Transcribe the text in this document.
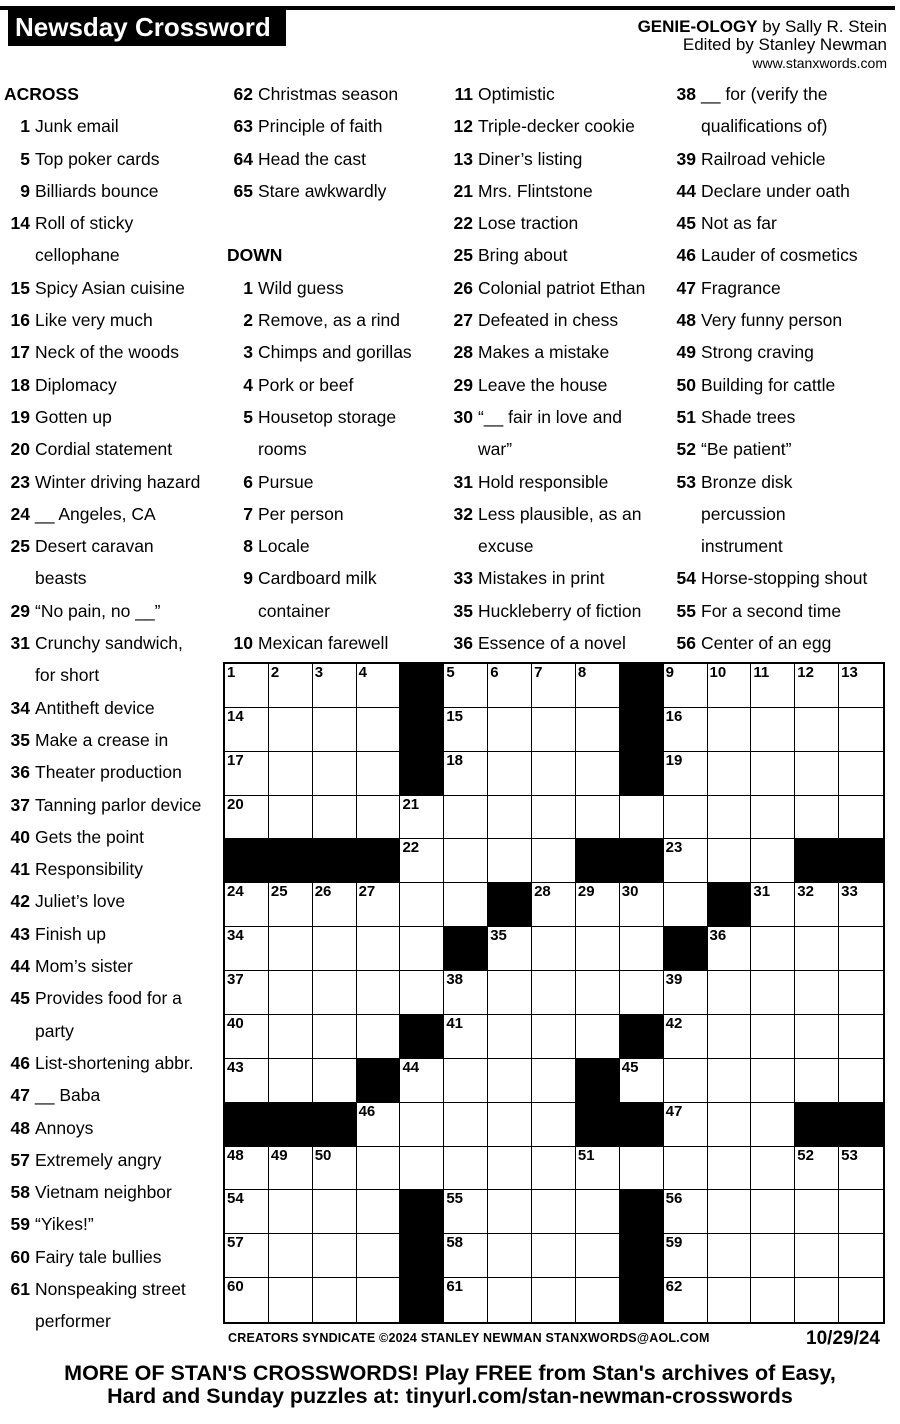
Newsday Crossword	GENIE-OLOGY by Sally R. Stein
Edited by Stanley Newman
www.stanxwords.com
ACROSS
1 Junk email
5 Top poker cards
9 Billiards bounce
14 Roll of sticky
cellophane
15 Spicy Asian cuisine
16 Like very much
17 Neck of the woods
18 Diplomacy
19 Gotten up
20 Cordial statement
23 Winter driving hazard
24 __ Angeles, CA
25 Desert caravan
beasts
29 “No pain, no __”
31 Crunchy sandwich,
for short
34 Antitheft device
35 Make a crease in
36 Theater production
37 Tanning parlor device
40 Gets the point
41 Responsibility
42 Juliet’s love
43 Finish up
44 Mom’s sister
45 Provides food for a
party
46 List-shortening abbr.
47 __ Baba
48 Annoys
57 Extremely angry
58 Vietnam neighbor
59 “Yikes!”
60 Fairy tale bullies
61 Nonspeaking street
performer
62 Christmas season
63 Principle of faith
64 Head the cast
65 Stare awkwardly
DOWN
1 Wild guess
2 Remove, as a rind
3 Chimps and gorillas
4 Pork or beef
5 Housetop storage
rooms
6 Pursue
7 Per person
8 Locale
9 Cardboard milk
container
10 Mexican farewell
11 Optimistic
12 Triple-decker cookie
13 Diner’s listing
21 Mrs. Flintstone
22 Lose traction
25 Bring about
26 Colonial patriot Ethan
27 Defeated in chess
28 Makes a mistake
29 Leave the house
30 “__ fair in love and
war”
31 Hold responsible
32 Less plausible, as an
excuse
33 Mistakes in print
35 Huckleberry of fiction
36 Essence of a novel
38 __ for (verify the
qualifications of)
39 Railroad vehicle
44 Declare under oath
45 Not as far
46 Lauder of cosmetics
47 Fragrance
48 Very funny person
49 Strong craving
50 Building for cattle
51 Shade trees
52 “Be patient”
53 Bronze disk
percussion
instrument
54 Horse-stopping shout
55 For a second time
56 Center of an egg
1 2 3 4	5 6 7 8	9 10 11 12 13
14	15	16
17	18	19
20	21
22	23
24 25 26 27	28 29 30	31 32 33
34	35	36
37	38	39
40	41	42
43	44	45
46	47
48 49 50	51	52 53
54	55	56
57	58	59
60	61	62
CREATORS SYNDICATE ©2024 STANLEY NEWMAN STANXWORDS@AOL.COM	10/29/24
MORE OF STAN'S CROSSWORDS! Play FREE from Stan's archives of Easy,
Hard and Sunday puzzles at: tinyurl.com/stan-newman-crosswords
